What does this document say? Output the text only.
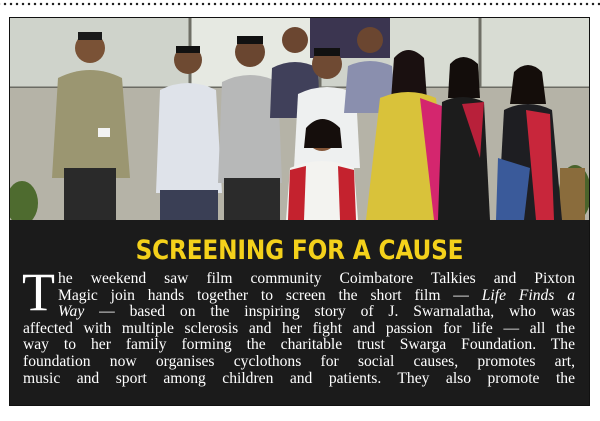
SCREENING FOR A CAUSE
T he weekend saw film community Coimbatore Talkies and Pixton
Magic join hands together to screen the short film — Life Finds a
Way — based on the inspiring story of J. Swarnalatha, who was
affected with multiple sclerosis and her fight and passion for life — all the
way to her family forming the charitable trust Swarga Foundation. The
foundation now organises cyclothons for social causes, promotes art,
music and sport among children and patients. They also promote the
